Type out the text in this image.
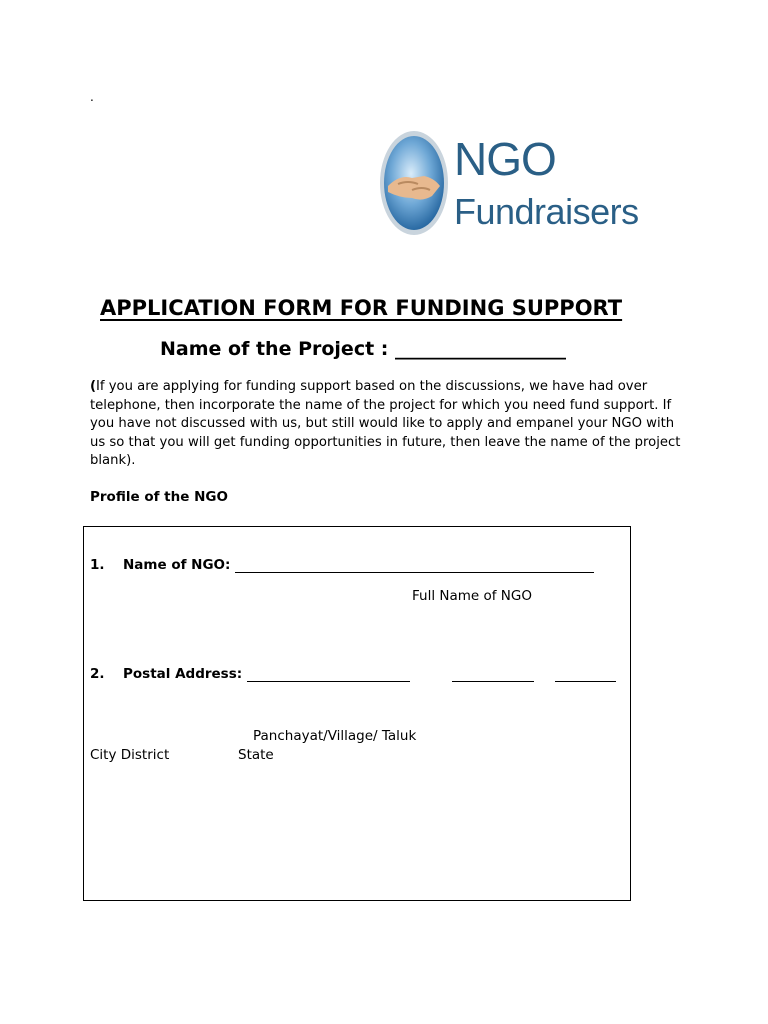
.
NGO
Fundraisers
APPLICATION FORM FOR FUNDING SUPPORT
Name of the Project : __________________
(If you are applying for funding support based on the discussions, we have had over telephone, then incorporate the name of the project for which you need fund support. If you have not discussed with us, but still would like to apply and empanel your NGO with us so that you will get funding opportunities in future, then leave the name of the project blank).
Profile of the NGO
1. Name of NGO:
Full Name of NGO
2. Postal Address:
Panchayat/Village/ Taluk
City District	State
